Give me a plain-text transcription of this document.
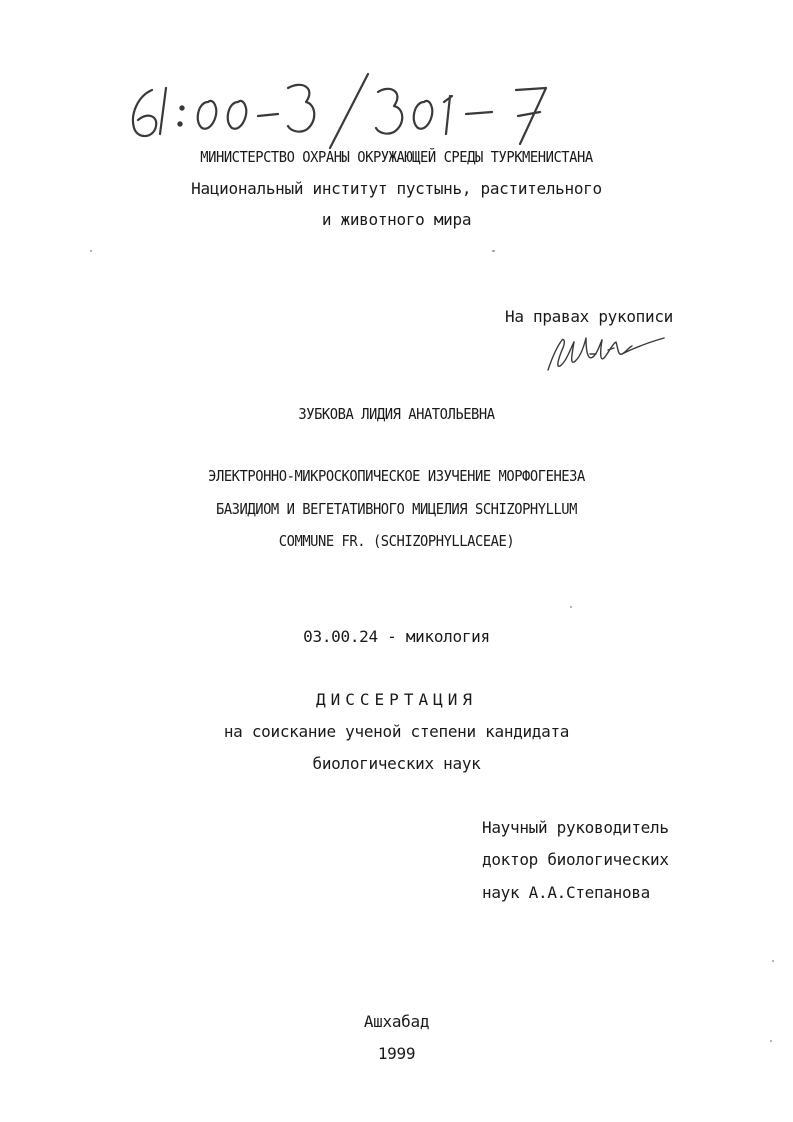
МИНИСТЕРСТВО ОХРАНЫ ОКРУЖАЮЩЕЙ СРЕДЫ ТУРКМЕНИСТАНА
Национальный институт пустынь, растительного
и животного мира
На правах рукописи
ЗУБКОВА ЛИДИЯ АНАТОЛЬЕВНА
ЭЛЕКТРОННО-МИКРОСКОПИЧЕСКОЕ ИЗУЧЕНИЕ МОРФОГЕНЕЗА
БАЗИДИОМ И ВЕГЕТАТИВНОГО МИЦЕЛИЯ SCHIZOPHYLLUM
COMMUNE FR. (SCHIZOPHYLLACEAE)
03.00.24 - микология
ДИССЕРТАЦИЯ
на соискание ученой степени кандидата
биологических наук
Научный руководитель
доктор биологических
наук А.А.Степанова
Ашхабад
1999
